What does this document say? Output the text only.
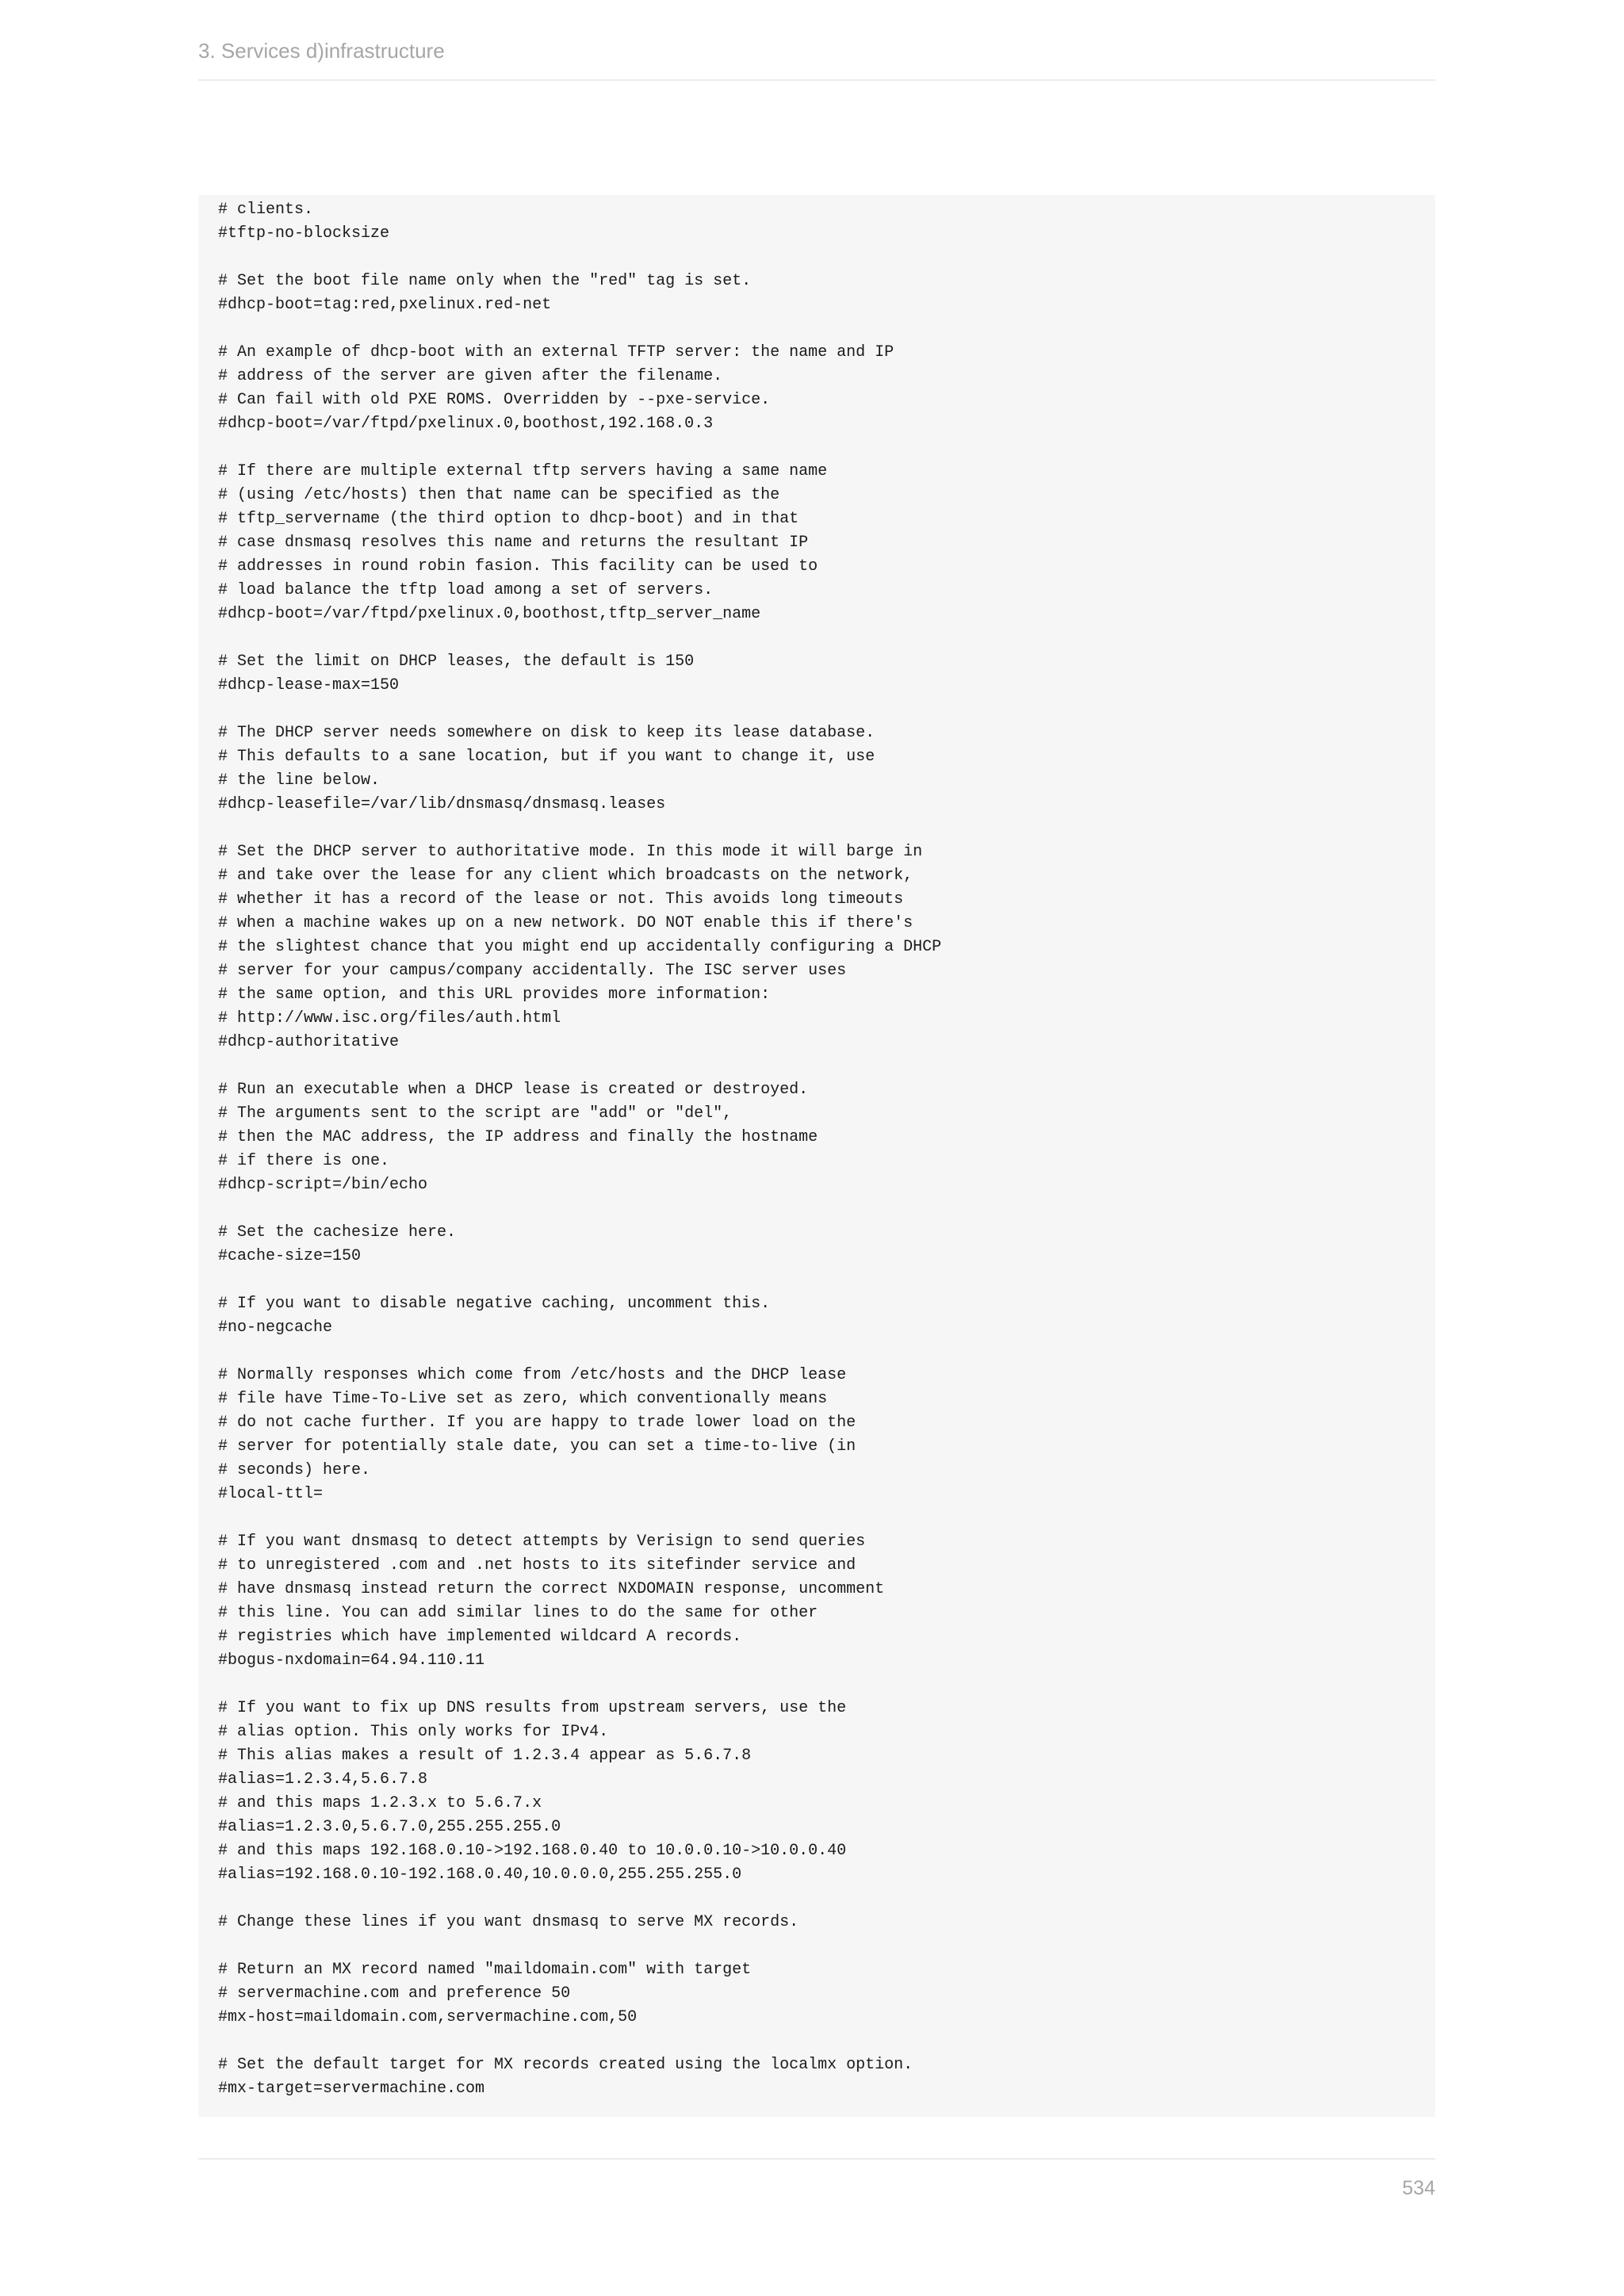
3. Services d)infrastructure
# clients.
#tftp-no-blocksize
# Set the boot file name only when the "red" tag is set.
#dhcp-boot=tag:red,pxelinux.red-net
# An example of dhcp-boot with an external TFTP server: the name and IP
# address of the server are given after the filename.
# Can fail with old PXE ROMS. Overridden by --pxe-service.
#dhcp-boot=/var/ftpd/pxelinux.0,boothost,192.168.0.3
# If there are multiple external tftp servers having a same name
# (using /etc/hosts) then that name can be specified as the
# tftp_servername (the third option to dhcp-boot) and in that
# case dnsmasq resolves this name and returns the resultant IP
# addresses in round robin fasion. This facility can be used to
# load balance the tftp load among a set of servers.
#dhcp-boot=/var/ftpd/pxelinux.0,boothost,tftp_server_name
# Set the limit on DHCP leases, the default is 150
#dhcp-lease-max=150
# The DHCP server needs somewhere on disk to keep its lease database.
# This defaults to a sane location, but if you want to change it, use
# the line below.
#dhcp-leasefile=/var/lib/dnsmasq/dnsmasq.leases
# Set the DHCP server to authoritative mode. In this mode it will barge in
# and take over the lease for any client which broadcasts on the network,
# whether it has a record of the lease or not. This avoids long timeouts
# when a machine wakes up on a new network. DO NOT enable this if there's
# the slightest chance that you might end up accidentally configuring a DHCP
# server for your campus/company accidentally. The ISC server uses
# the same option, and this URL provides more information:
# http://www.isc.org/files/auth.html
#dhcp-authoritative
# Run an executable when a DHCP lease is created or destroyed.
# The arguments sent to the script are "add" or "del",
# then the MAC address, the IP address and finally the hostname
# if there is one.
#dhcp-script=/bin/echo
# Set the cachesize here.
#cache-size=150
# If you want to disable negative caching, uncomment this.
#no-negcache
# Normally responses which come from /etc/hosts and the DHCP lease
# file have Time-To-Live set as zero, which conventionally means
# do not cache further. If you are happy to trade lower load on the
# server for potentially stale date, you can set a time-to-live (in
# seconds) here.
#local-ttl=
# If you want dnsmasq to detect attempts by Verisign to send queries
# to unregistered .com and .net hosts to its sitefinder service and
# have dnsmasq instead return the correct NXDOMAIN response, uncomment
# this line. You can add similar lines to do the same for other
# registries which have implemented wildcard A records.
#bogus-nxdomain=64.94.110.11
# If you want to fix up DNS results from upstream servers, use the
# alias option. This only works for IPv4.
# This alias makes a result of 1.2.3.4 appear as 5.6.7.8
#alias=1.2.3.4,5.6.7.8
# and this maps 1.2.3.x to 5.6.7.x
#alias=1.2.3.0,5.6.7.0,255.255.255.0
# and this maps 192.168.0.10->192.168.0.40 to 10.0.0.10->10.0.0.40
#alias=192.168.0.10-192.168.0.40,10.0.0.0,255.255.255.0
# Change these lines if you want dnsmasq to serve MX records.
# Return an MX record named "maildomain.com" with target
# servermachine.com and preference 50
#mx-host=maildomain.com,servermachine.com,50
# Set the default target for MX records created using the localmx option.
#mx-target=servermachine.com
534
